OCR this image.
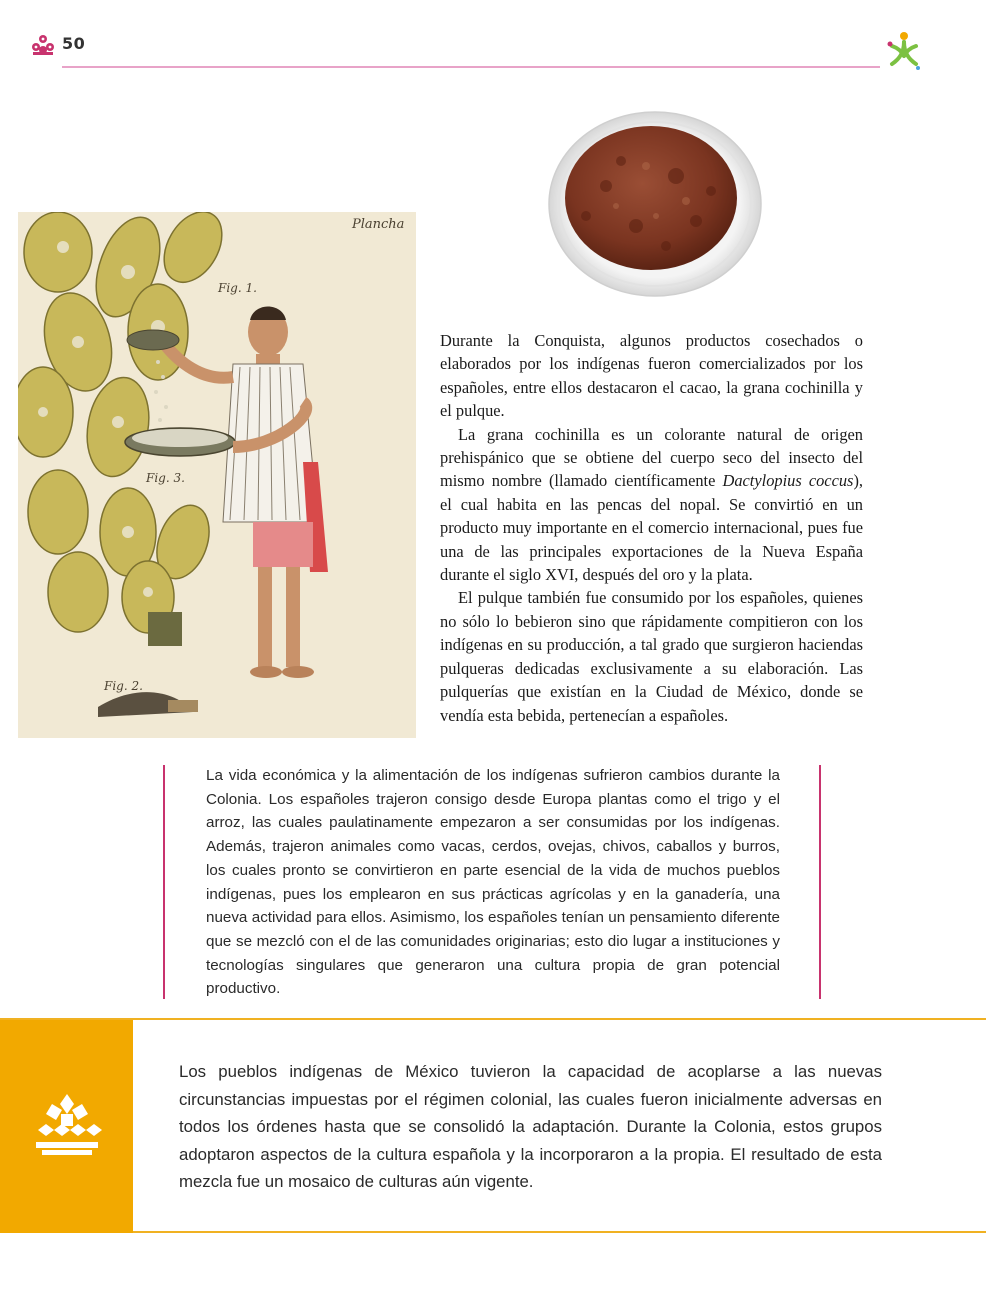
50
Plancha
Fig. 1.
Fig. 3.
Fig. 2.

Durante la Conquista, algunos productos cosechados o elaborados por los indígenas fueron comercializados por los españoles, entre ellos destacaron el cacao, la grana cochinilla y el pulque.

La grana cochinilla es un colorante natural de origen prehispánico que se obtiene del cuerpo seco del insecto del mismo nombre (llamado científicamente Dactylopius coccus), el cual habita en las pencas del nopal. Se convirtió en un producto muy importante en el comercio internacional, pues fue una de las principales exportaciones de la Nueva España durante el siglo XVI, después del oro y la plata.

El pulque también fue consumido por los españoles, quienes no sólo lo bebieron sino que rápidamente compitieron con los indígenas en su producción, a tal grado que surgieron haciendas pulqueras dedicadas exclusivamente a su elaboración. Las pulquerías que existían en la Ciudad de México, donde se vendía esta bebida, pertenecían a españoles.

La vida económica y la alimentación de los indígenas sufrieron cambios durante la Colonia. Los españoles trajeron consigo desde Europa plantas como el trigo y el arroz, las cuales paulatinamente empezaron a ser consumidas por los indígenas. Además, trajeron animales como vacas, cerdos, ovejas, chivos, caballos y burros, los cuales pronto se convirtieron en parte esencial de la vida de muchos pueblos indígenas, pues los emplearon en sus prácticas agrícolas y en la ganadería, una nueva actividad para ellos. Asimismo, los españoles tenían un pensamiento diferente que se mezcló con el de las comunidades originarias; esto dio lugar a instituciones y tecnologías singulares que generaron una cultura propia de gran potencial productivo.
Los pueblos indígenas de México tuvieron la capacidad de acoplarse a las nuevas circunstancias impuestas por el régimen colonial, las cuales fueron inicialmente adversas en todos los órdenes hasta que se consolidó la adaptación. Durante la Colonia, estos grupos adoptaron aspectos de la cultura española y la incorporaron a la propia. El resultado de esta mezcla fue un mosaico de culturas aún vigente.
